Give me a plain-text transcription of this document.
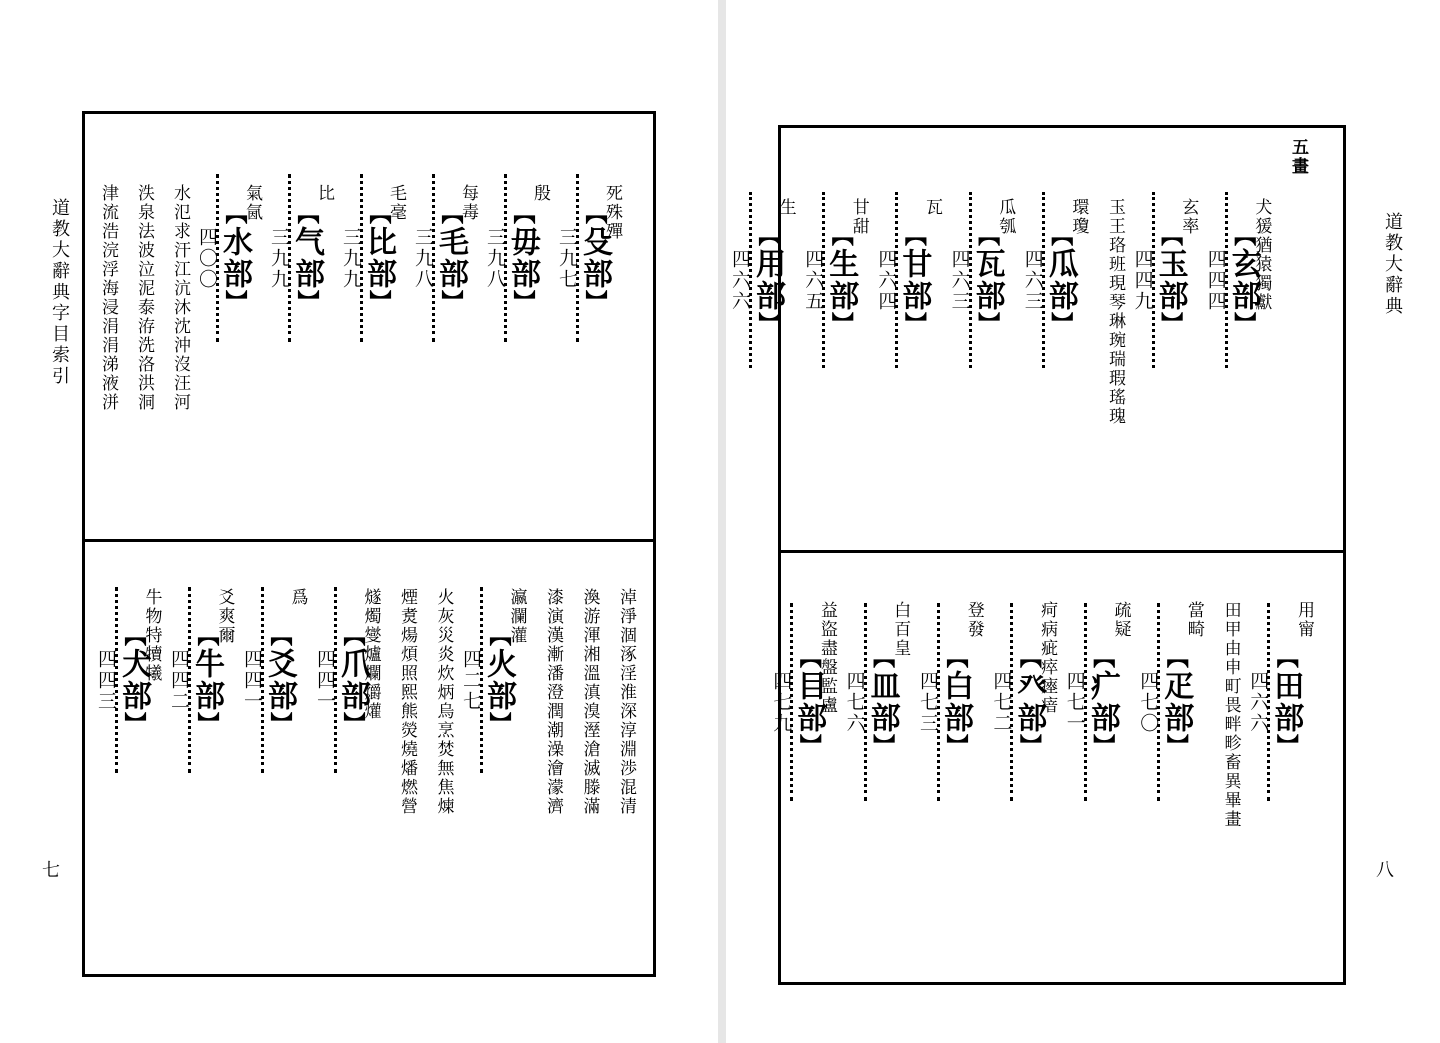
道教大辭典字目索引
七
死殊殫
【 殳部 】
三九七
殷
【 毋部 】
三九八
每毒
【 毛部 】
三九八
毛毫
【 比部 】
三九九
比
【 气部 】
三九九
氣氤
【 水部 】
四〇〇
水氾求汗江沆沐沈沖沒汪河
泆泉法波泣泥泰洊洗洛洪洞
津流浩浣浮海浸涓涓涕液洴
淖淨涸涿淫淮深淳淵渉混清
渙游渾湘溫滇溴溼滄滅滕滿
漆演漢漸潘澄潤潮澡澮濛濟
瀛瀾灌
【 火部 】
四二七
火灰災炎炊炳烏烹焚無焦煉
煙煑煬煩照熙熊熒燒燔燃營
燧燭燮爐爛爝爟
【 爪部 】
四四一
爲
【 爻部 】
四四一
爻爽爾
【 牛部 】
四四二
牛物特犢犧
【 犬部 】
四四三
道教大辭典
八
五畫
犬猨猶猿獨獻
【 玄部 】
四四四
玄率
【 玉部 】
四四九
玉王珞班現琴琳琬瑞瑕瑤瑰
環瓊
【 瓜部 】
四六三
瓜瓠
【 瓦部 】
四六三
瓦
【 甘部 】
四六四
甘甜
【 生部 】
四六五
生
【 用部 】
四六六
用甯
【 田部 】
四六六
田甲由申町畏畔畛畜異畢畫
當畸
【 疋部 】
四七〇
疏疑
【 疒部 】
四七一
疴病疵瘁瘞瘖
【 癶部 】
四七二
登發
【 白部 】
四七三
白百皇
【 皿部 】
四七六
益盜盡盤監盧
【 目部 】
四七九
